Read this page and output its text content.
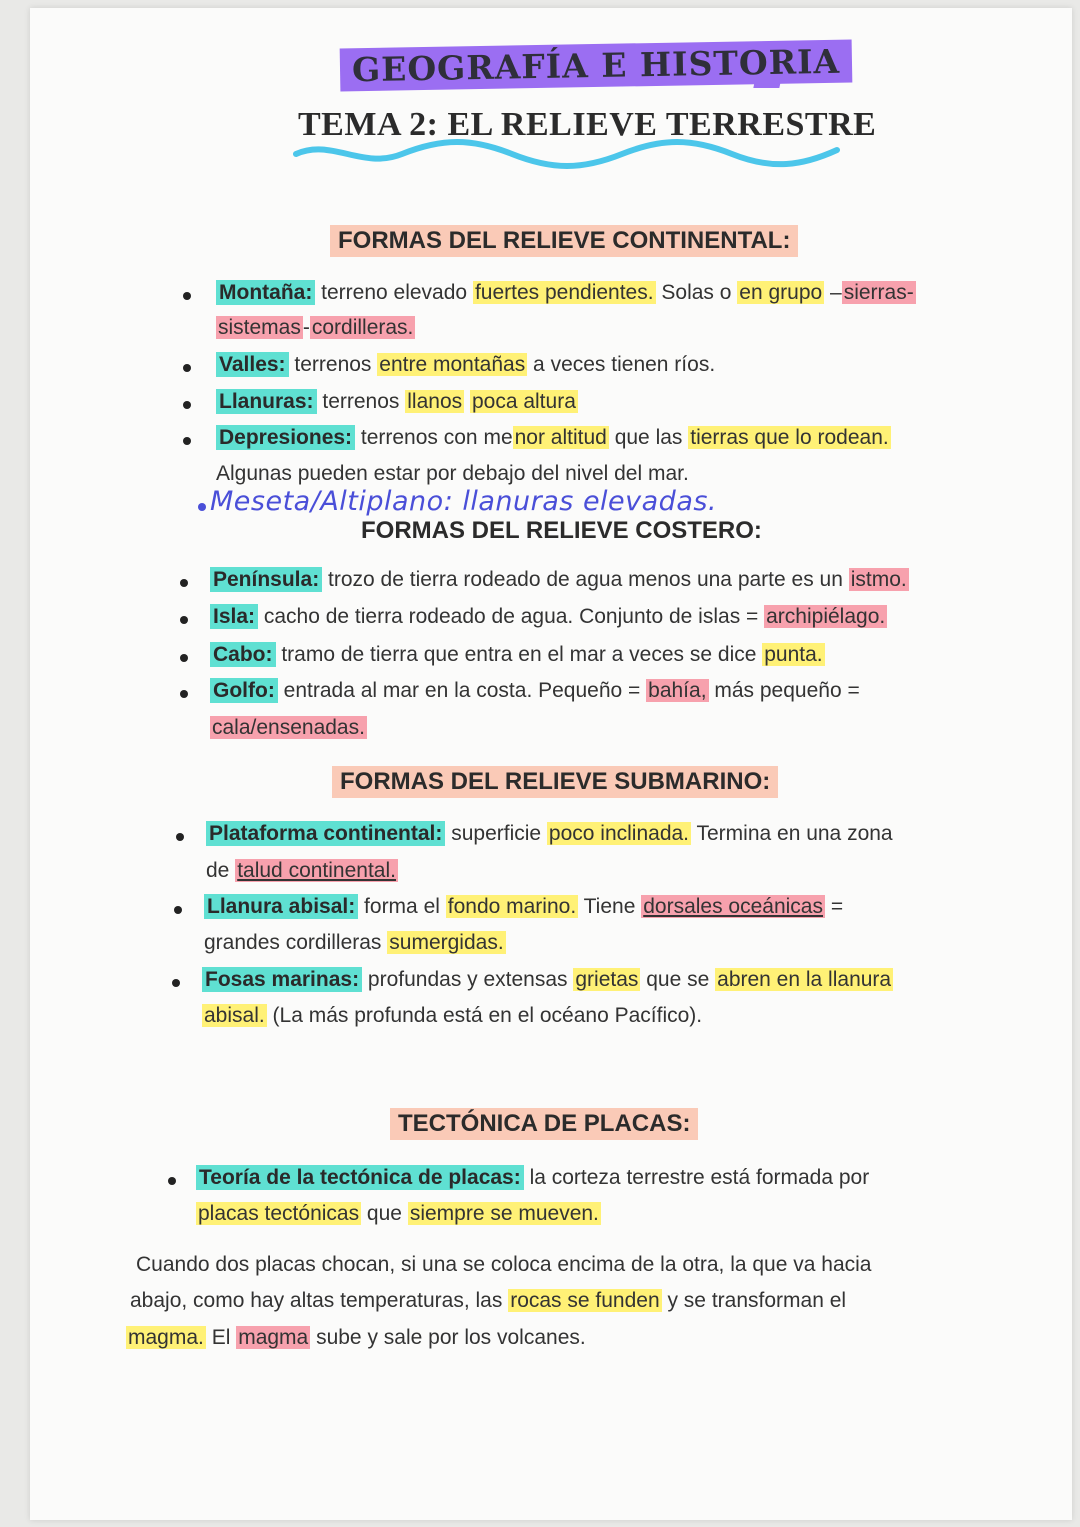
GEOGRAFÍA E HISTORIA
TEMA 2: EL RELIEVE TERRESTRE
FORMAS DEL RELIEVE CONTINENTAL:
Montaña: terreno elevado fuertes pendientes. Solas o en grupo –sierras-
sistemas-cordilleras.
Valles: terrenos entre montañas a veces tienen ríos.
Llanuras: terrenos llanos poca altura
Depresiones: terrenos con menor altitud que las tierras que lo rodean.
Algunas pueden estar por debajo del nivel del mar.
Meseta/Altiplano: llanuras elevadas.
FORMAS DEL RELIEVE COSTERO:
Península: trozo de tierra rodeado de agua menos una parte es un istmo.
Isla: cacho de tierra rodeado de agua. Conjunto de islas = archipiélago.
Cabo: tramo de tierra que entra en el mar a veces se dice punta.
Golfo: entrada al mar en la costa. Pequeño = bahía, más pequeño =
cala/ensenadas.
FORMAS DEL RELIEVE SUBMARINO:
Plataforma continental: superficie poco inclinada. Termina en una zona
de talud continental.
Llanura abisal: forma el fondo marino. Tiene dorsales oceánicas =
grandes cordilleras sumergidas.
Fosas marinas: profundas y extensas grietas que se abren en la llanura
abisal. (La más profunda está en el océano Pacífico).
TECTÓNICA DE PLACAS:
Teoría de la tectónica de placas: la corteza terrestre está formada por
placas tectónicas que siempre se mueven.
Cuando dos placas chocan, si una se coloca encima de la otra, la que va hacia
abajo, como hay altas temperaturas, las rocas se funden y se transforman el
magma. El magma sube y sale por los volcanes.
